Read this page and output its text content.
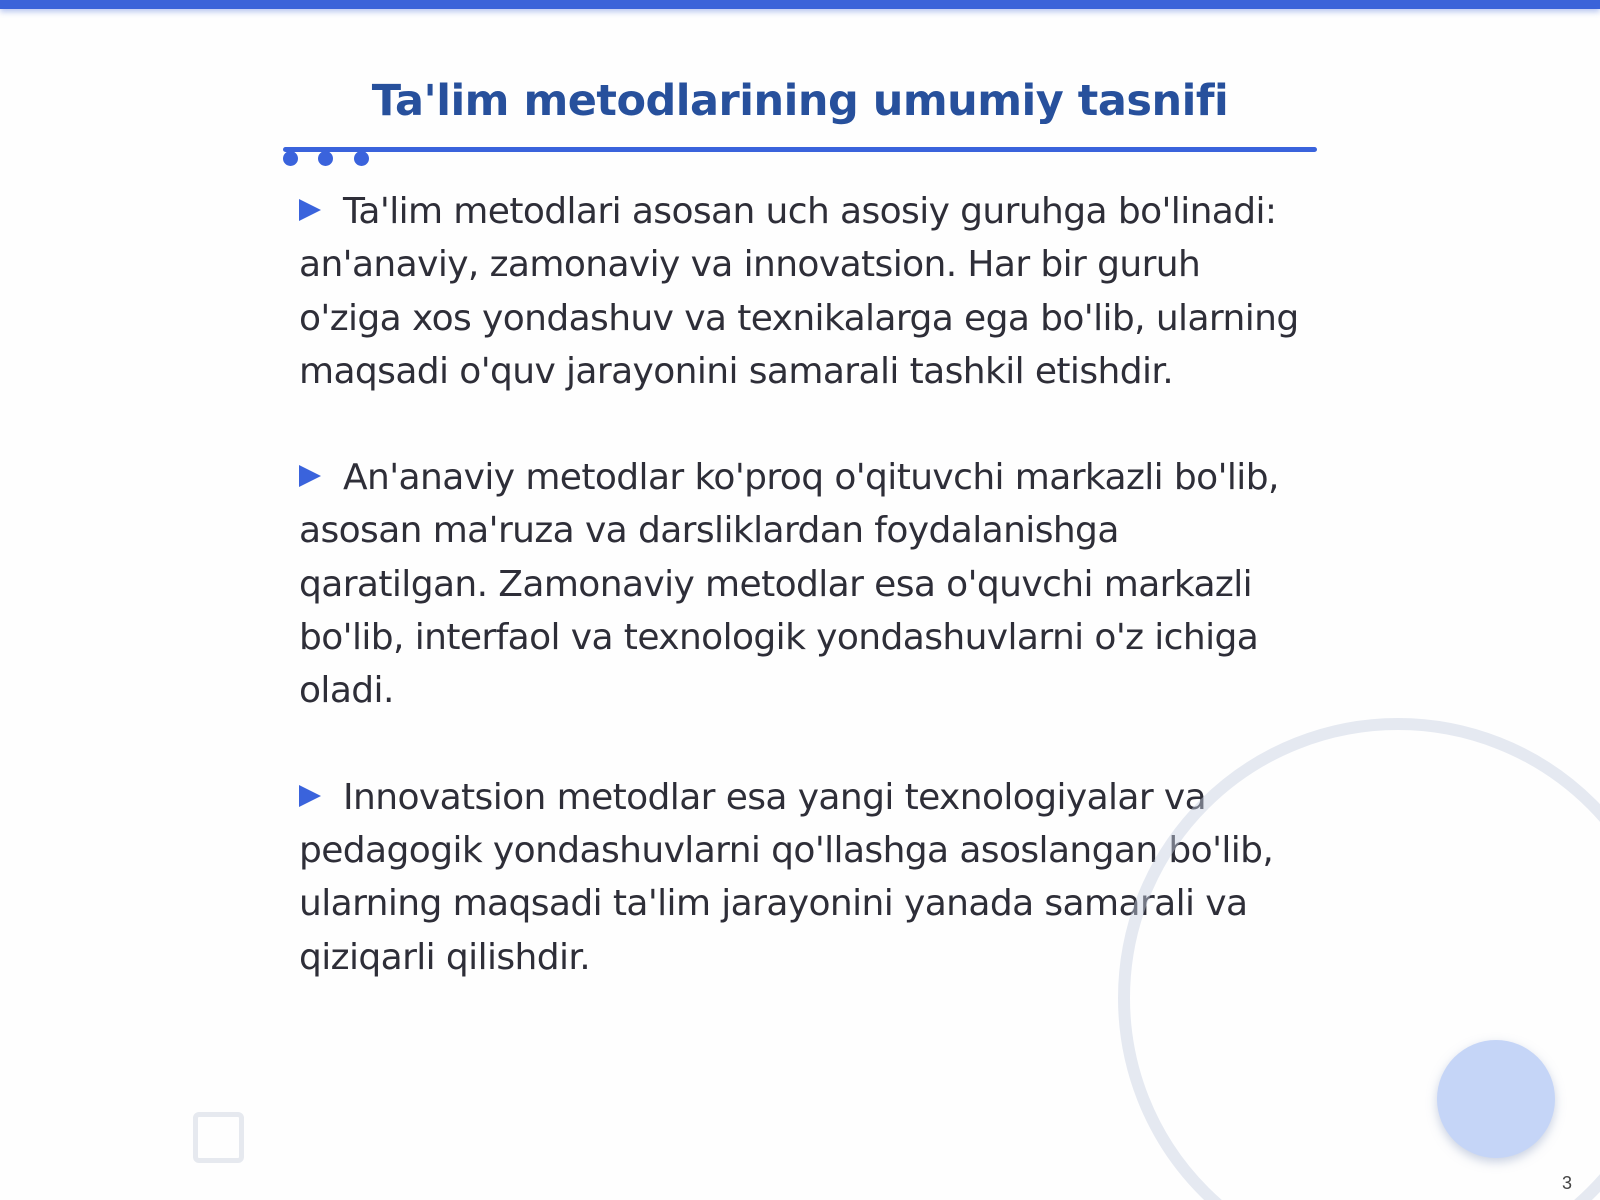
Ta'lim metodlarining umumiy tasnifi
Ta'lim metodlari asosan uch asosiy guruhga bo'linadi: an'anaviy, zamonaviy va innovatsion. Har bir guruh o'ziga xos yondashuv va texnikalarga ega bo'lib, ularning maqsadi o'quv jarayonini samarali tashkil etishdir.
An'anaviy metodlar ko'proq o'qituvchi markazli bo'lib, asosan ma'ruza va darsliklardan foydalanishga qaratilgan. Zamonaviy metodlar esa o'quvchi markazli bo'lib, interfaol va texnologik yondashuvlarni o'z ichiga oladi.
Innovatsion metodlar esa yangi texnologiyalar va pedagogik yondashuvlarni qo'llashga asoslangan bo'lib, ularning maqsadi ta'lim jarayonini yanada samarali va qiziqarli qilishdir.
3
